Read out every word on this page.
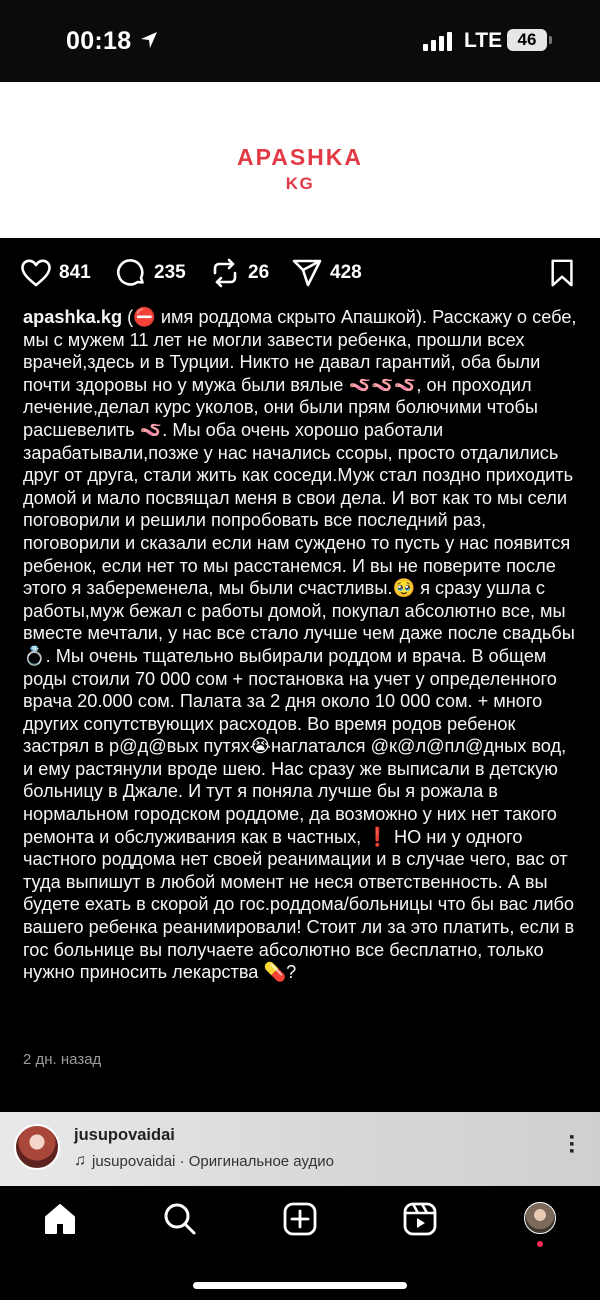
00:18	LTE 46
APASHKA
KG
841	235	26	428
apashka.kg (⛔ имя роддома скрыто Апашкой). Расскажу о себе, мы с мужем 11 лет не могли завести ребенка, прошли всех врачей,здесь и в Турции. Никто не давал гарантий, оба были почти здоровы но у мужа были вялые 🪱🪱🪱, он проходил лечение,делал курс уколов, они были прям болючими чтобы расшевелить 🪱. Мы оба очень хорошо работали зарабатывали,позже у нас начались ссоры, просто отдалились друг от друга, стали жить как соседи.Муж стал поздно приходить домой и мало посвящал меня в свои дела. И вот как то мы сели поговорили и решили попробовать все последний раз, поговорили и сказали если нам суждено то пусть у нас появится ребенок, если нет то мы расстанемся. И вы не поверите после этого я забеременела, мы были счастливы.🥹 я сразу ушла с работы,муж бежал с работы домой, покупал абсолютно все, мы вместе мечтали, у нас все стало лучше чем даже после свадьбы💍. Мы очень тщательно выбирали роддом и врача. В общем роды стоили 70 000 сом + постановка на учет у определенного врача 20.000 сом. Палата за 2 дня около 10 000 сом. + много других сопутствующих расходов. Во время родов ребенок застрял в р@д@вых путях😭наглатался @к@л@пл@дных вод, и ему растянули вроде шею. Нас сразу же выписали в детскую больницу в Джале. И тут я поняла лучше бы я рожала в нормальном городском роддоме, да возможно у них нет такого ремонта и обслуживания как в частных, ❗ НО ни у одного частного роддома нет своей реанимации и в случае чего, вас от туда выпишут в любой момент не неся ответственность. А вы будете ехать в скорой до гос.роддома/больницы что бы вас либо вашего ребенка реанимировали! Стоит ли за это платить, если в гос больнице вы получаете абсолютно все бесплатно, только нужно приносить лекарства 💊?
2 дн. назад
jusupovaidai
♫ jusupovaidai · Оригинальное аудио
···
